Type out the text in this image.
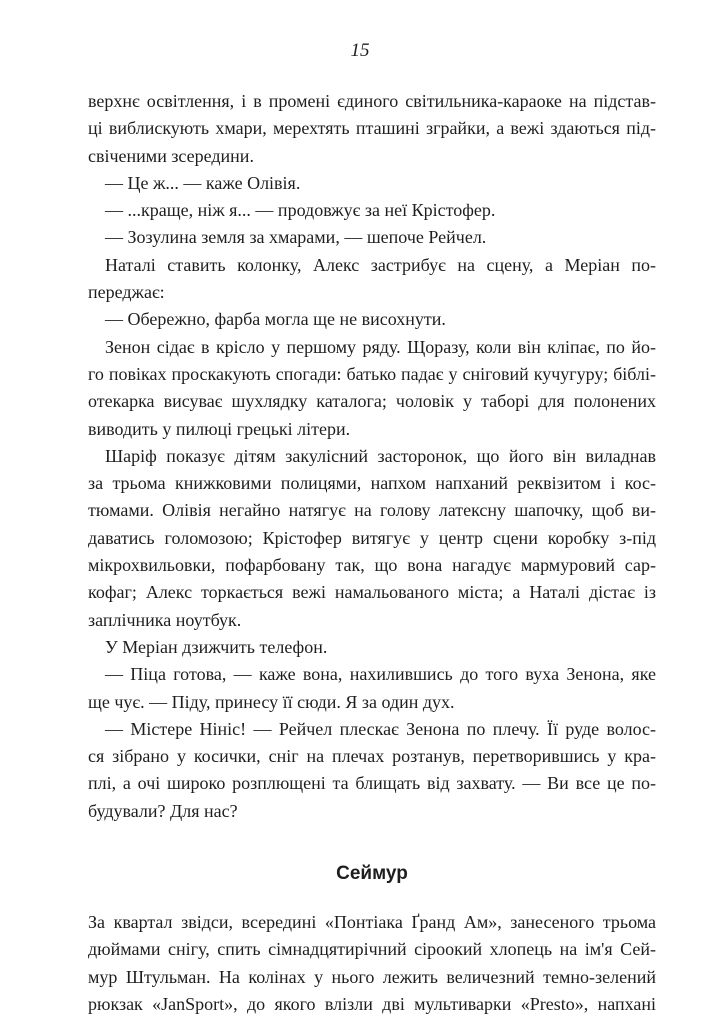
15
верхнє освітлення, і в промені єдиного світильника-караоке на підстав-
ці виблискують хмари, мерехтять пташині зграйки, а вежі здаються під-
свіченими зсередини.
— Це ж... — каже Олівія.
— ...краще, ніж я... — продовжує за неї Крістофер.
— Зозулина земля за хмарами, — шепоче Рейчел.
Наталі ставить колонку, Алекс застрибує на сцену, а Меріан по-
переджає:
— Обережно, фарба могла ще не висохнути.
Зенон сідає в крісло у першому ряду. Щоразу, коли він кліпає, по йо-
го повіках проскакують спогади: батько падає у сніговий кучугуру; біблі-
отекарка висуває шухлядку каталога; чоловік у таборі для полонених
виводить у пилюці грецькі літери.
Шаріф показує дітям закулісний засторонок, що його він виладнав
за трьома книжковими полицями, напхом напханий реквізитом і кос-
тюмами. Олівія негайно натягує на голову латексну шапочку, щоб ви-
даватись голомозою; Крістофер витягує у центр сцени коробку з-під
мікрохвильовки, пофарбовану так, що вона нагадує мармуровий сар-
кофаг; Алекс торкається вежі намальованого міста; а Наталі дістає із
заплічника ноутбук.
У Меріан дзижчить телефон.
— Піца готова, — каже вона, нахилившись до того вуха Зенона, яке
ще чує. — Піду, принесу її сюди. Я за один дух.
— Містере Нініс! — Рейчел плескає Зенона по плечу. Її руде волос-
ся зібрано у косички, сніг на плечах розтанув, перетворившись у кра-
плі, а очі широко розплющені та блищать від захвату. — Ви все це по-
будували? Для нас?
Сеймур
За квартал звідси, всередині «Понтіака Ґранд Ам», занесеного трьома
дюймами снігу, спить сімнадцятирічний сіроокий хлопець на ім'я Сей-
мур Штульман. На колінах у нього лежить величезний темно-зелений
рюкзак «JanSport», до якого влізли дві мультиварки «Presto», напхані
